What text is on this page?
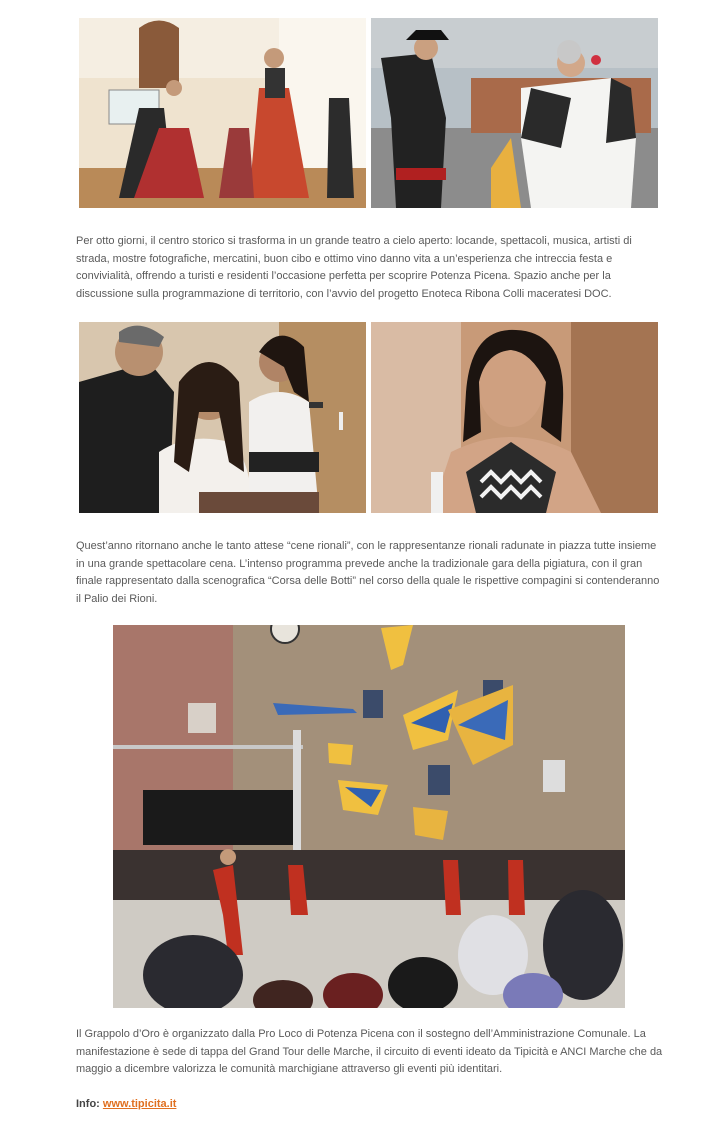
Per otto giorni, il centro storico si trasforma in un grande teatro a cielo aperto: locande, spettacoli, musica, artisti di strada, mostre fotografiche, mercatini, buon cibo e ottimo vino danno vita a un’esperienza che intreccia festa e convivialità, offrendo a turisti e residenti l’occasione perfetta per scoprire Potenza Picena. Spazio anche per la discussione sulla programmazione di territorio, con l’avvio del progetto Enoteca Ribona Colli maceratesi DOC.

Quest’anno ritornano anche le tanto attese “cene rionali”, con le rappresentanze rionali radunate in piazza tutte insieme in una grande spettacolare cena. L’intenso programma prevede anche la tradizionale gara della pigiatura, con il gran finale rappresentato dalla scenografica “Corsa delle Botti” nel corso della quale le rispettive compagini si contenderanno il Palio dei Rioni.

Il Grappolo d’Oro è organizzato dalla Pro Loco di Potenza Picena con il sostegno dell’Amministrazione Comunale. La manifestazione è sede di tappa del Grand Tour delle Marche, il circuito di eventi ideato da Tipicità e ANCI Marche che da maggio a dicembre valorizza le comunità marchigiane attraverso gli eventi più identitari.

Info: www.tipicita.it
